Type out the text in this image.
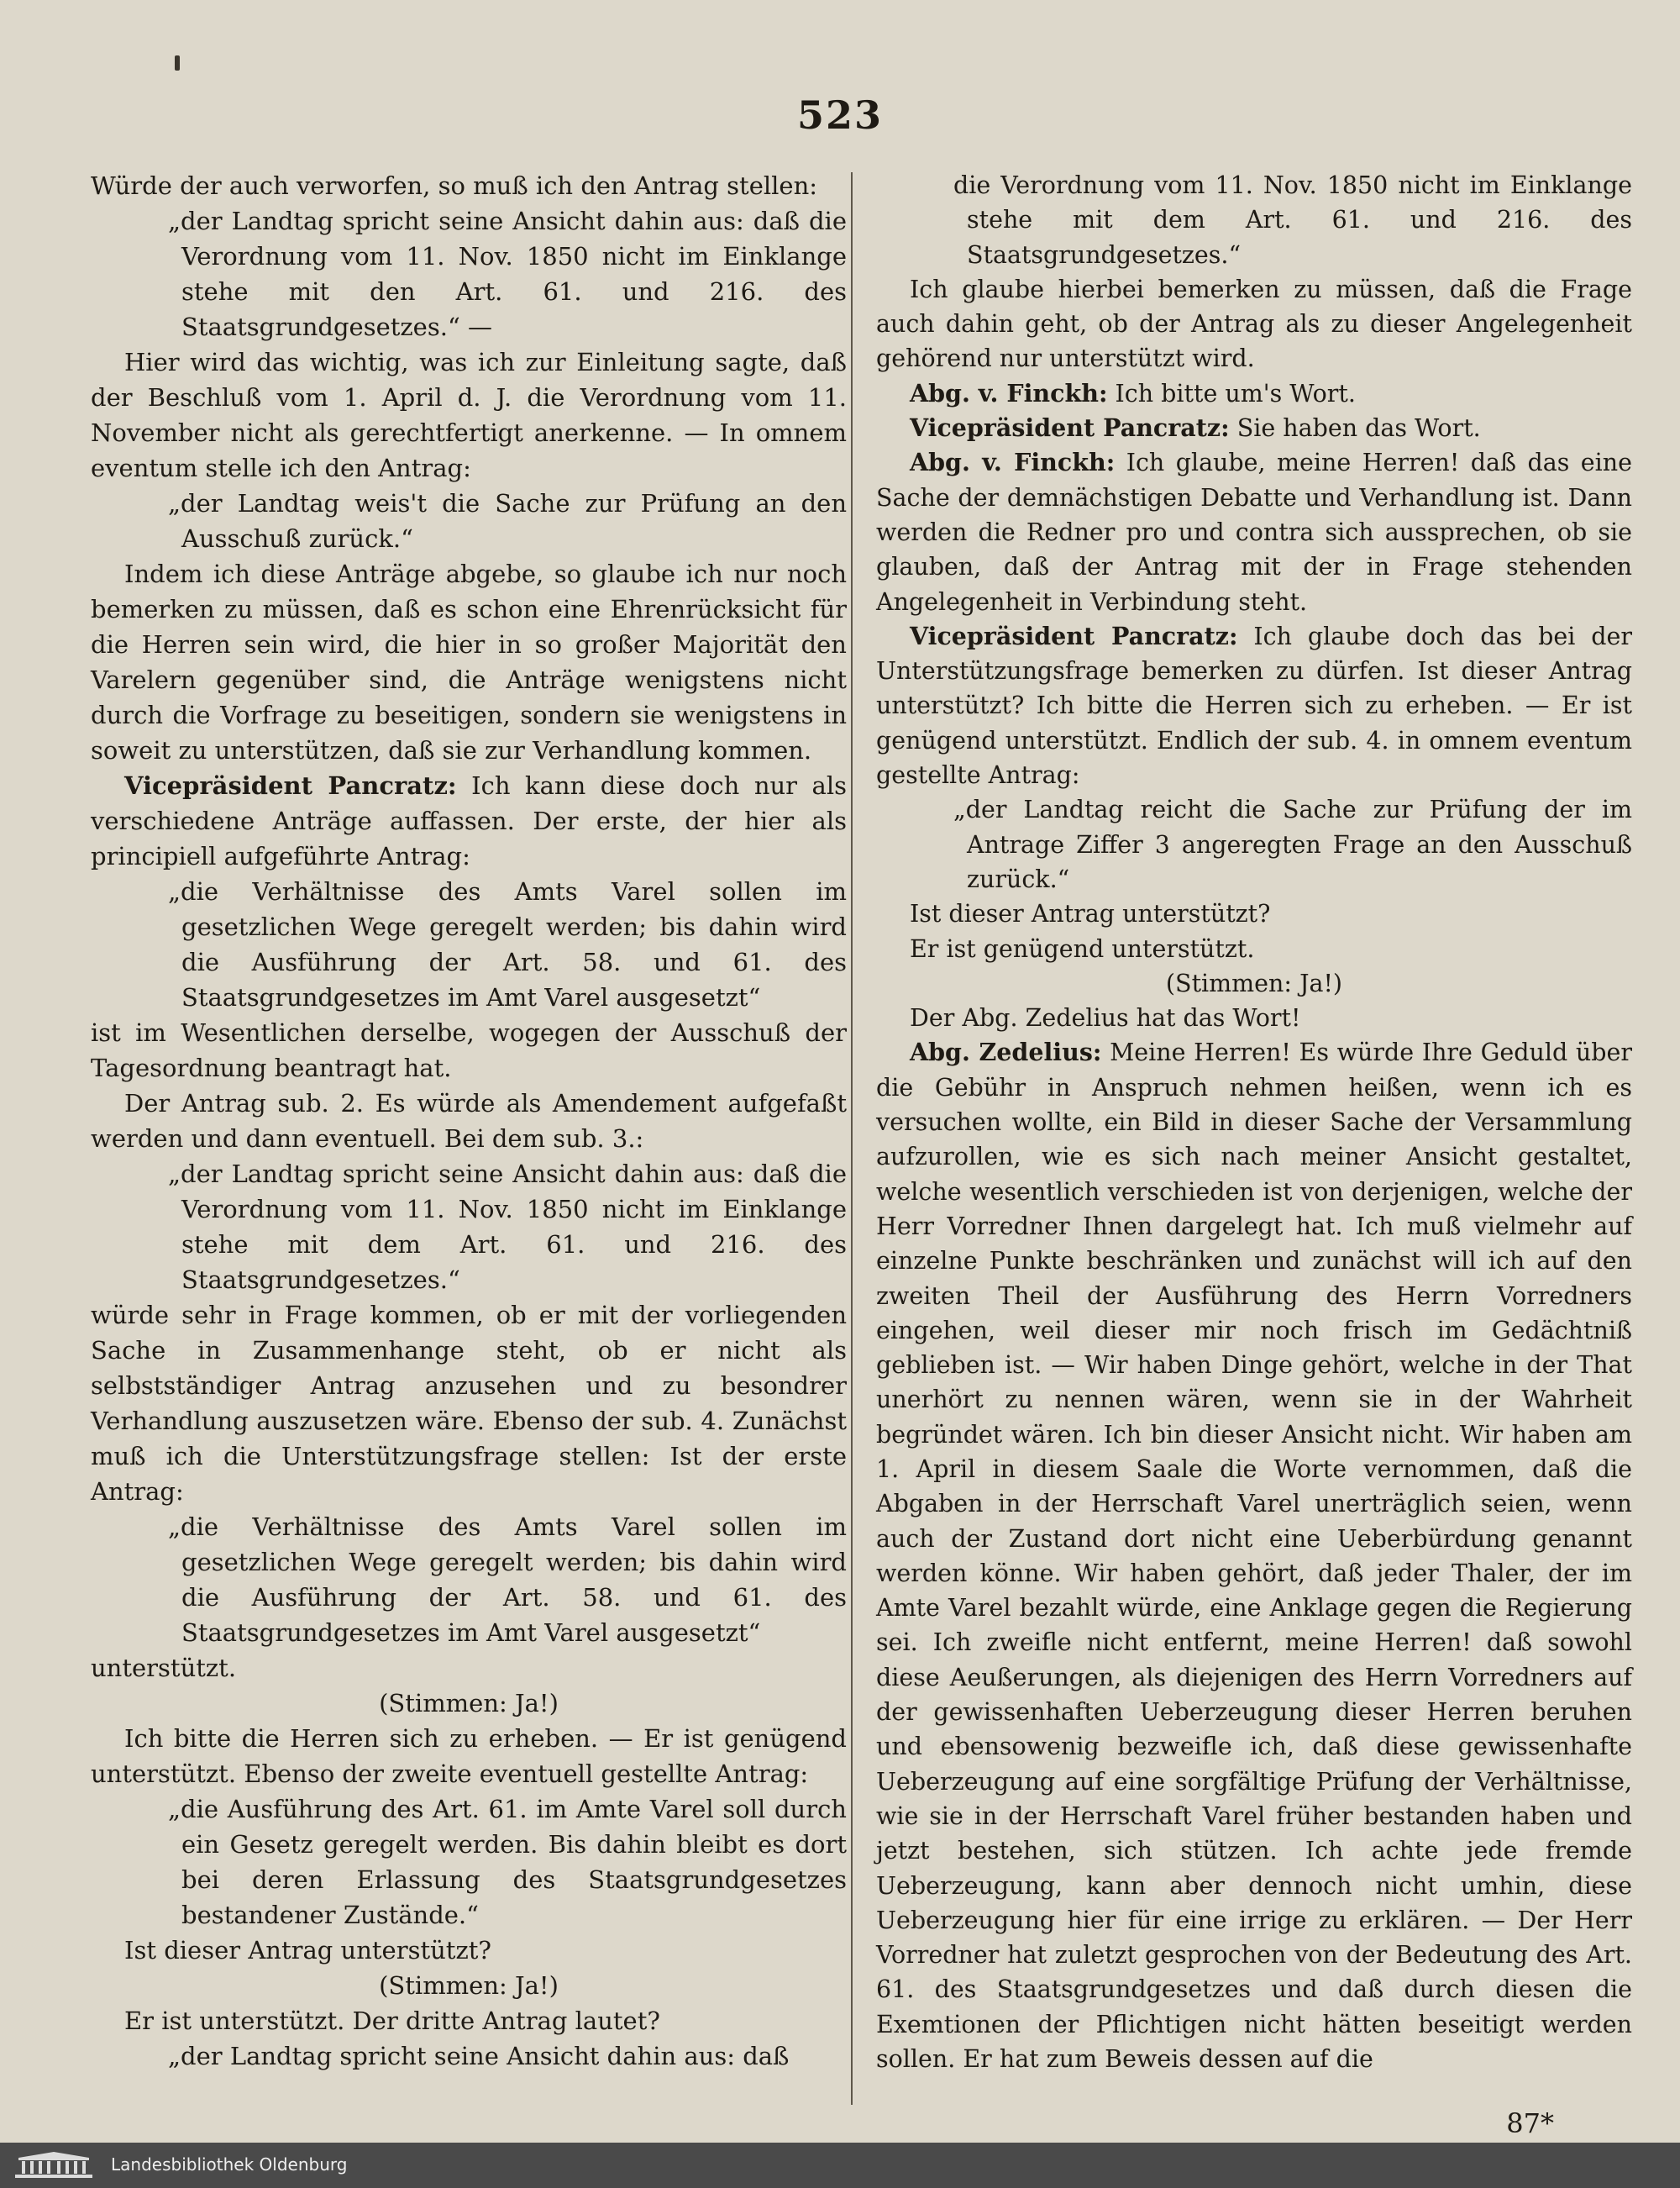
523

Würde der auch verworfen, so muß ich den Antrag stellen:

„der Landtag spricht seine Ansicht dahin aus: daß die Verordnung vom 11. Nov. 1850 nicht im Einklange stehe mit den Art. 61. und 216. des Staatsgrundgesetzes.“ —

Hier wird das wichtig, was ich zur Einleitung sagte, daß der Beschluß vom 1. April d. J. die Verordnung vom 11. November nicht als gerechtfertigt anerkenne. — In omnem eventum stelle ich den Antrag:

„der Landtag weis't die Sache zur Prüfung an den Ausschuß zurück.“

Indem ich diese Anträge abgebe, so glaube ich nur noch bemerken zu müssen, daß es schon eine Ehrenrücksicht für die Herren sein wird, die hier in so großer Majorität den Varelern gegenüber sind, die Anträge wenigstens nicht durch die Vorfrage zu beseitigen, sondern sie wenigstens in soweit zu unterstützen, daß sie zur Verhandlung kommen.

Vicepräsident Pancratz: Ich kann diese doch nur als verschiedene Anträge auffassen. Der erste, der hier als principiell aufgeführte Antrag:

„die Verhältnisse des Amts Varel sollen im gesetzlichen Wege geregelt werden; bis dahin wird die Ausführung der Art. 58. und 61. des Staatsgrundgesetzes im Amt Varel ausgesetzt“

ist im Wesentlichen derselbe, wogegen der Ausschuß der Tagesordnung beantragt hat.

Der Antrag sub. 2. Es würde als Amendement aufgefaßt werden und dann eventuell. Bei dem sub. 3.:

„der Landtag spricht seine Ansicht dahin aus: daß die Verordnung vom 11. Nov. 1850 nicht im Einklange stehe mit dem Art. 61. und 216. des Staatsgrundgesetzes.“

würde sehr in Frage kommen, ob er mit der vorliegenden Sache in Zusammenhange steht, ob er nicht als selbstständiger Antrag anzusehen und zu besondrer Verhandlung auszusetzen wäre. Ebenso der sub. 4. Zunächst muß ich die Unterstützungsfrage stellen: Ist der erste Antrag:

„die Verhältnisse des Amts Varel sollen im gesetzlichen Wege geregelt werden; bis dahin wird die Ausführung der Art. 58. und 61. des Staatsgrundgesetzes im Amt Varel ausgesetzt“

unterstützt.

(Stimmen: Ja!)

Ich bitte die Herren sich zu erheben. — Er ist genügend unterstützt. Ebenso der zweite eventuell gestellte Antrag:

„die Ausführung des Art. 61. im Amte Varel soll durch ein Gesetz geregelt werden. Bis dahin bleibt es dort bei deren Erlassung des Staatsgrundgesetzes bestandener Zustände.“

Ist dieser Antrag unterstützt?

(Stimmen: Ja!)

Er ist unterstützt. Der dritte Antrag lautet?

„der Landtag spricht seine Ansicht dahin aus: daß

die Verordnung vom 11. Nov. 1850 nicht im Einklange stehe mit dem Art. 61. und 216. des Staatsgrundgesetzes.“

Ich glaube hierbei bemerken zu müssen, daß die Frage auch dahin geht, ob der Antrag als zu dieser Angelegenheit gehörend nur unterstützt wird.

Abg. v. Finckh: Ich bitte um's Wort.

Vicepräsident Pancratz: Sie haben das Wort.

Abg. v. Finckh: Ich glaube, meine Herren! daß das eine Sache der demnächstigen Debatte und Verhandlung ist. Dann werden die Redner pro und contra sich aussprechen, ob sie glauben, daß der Antrag mit der in Frage stehenden Angelegenheit in Verbindung steht.

Vicepräsident Pancratz: Ich glaube doch das bei der Unterstützungsfrage bemerken zu dürfen. Ist dieser Antrag unterstützt? Ich bitte die Herren sich zu erheben. — Er ist genügend unterstützt. Endlich der sub. 4. in omnem eventum gestellte Antrag:

„der Landtag reicht die Sache zur Prüfung der im Antrage Ziffer 3 angeregten Frage an den Ausschuß zurück.“

Ist dieser Antrag unterstützt?

Er ist genügend unterstützt.

(Stimmen: Ja!)

Der Abg. Zedelius hat das Wort!

Abg. Zedelius: Meine Herren! Es würde Ihre Geduld über die Gebühr in Anspruch nehmen heißen, wenn ich es versuchen wollte, ein Bild in dieser Sache der Versammlung aufzurollen, wie es sich nach meiner Ansicht gestaltet, welche wesentlich verschieden ist von derjenigen, welche der Herr Vorredner Ihnen dargelegt hat. Ich muß vielmehr auf einzelne Punkte beschränken und zunächst will ich auf den zweiten Theil der Ausführung des Herrn Vorredners eingehen, weil dieser mir noch frisch im Gedächtniß geblieben ist. — Wir haben Dinge gehört, welche in der That unerhört zu nennen wären, wenn sie in der Wahrheit begründet wären. Ich bin dieser Ansicht nicht. Wir haben am 1. April in diesem Saale die Worte vernommen, daß die Abgaben in der Herrschaft Varel unerträglich seien, wenn auch der Zustand dort nicht eine Ueberbürdung genannt werden könne. Wir haben gehört, daß jeder Thaler, der im Amte Varel bezahlt würde, eine Anklage gegen die Regierung sei. Ich zweifle nicht entfernt, meine Herren! daß sowohl diese Aeußerungen, als diejenigen des Herrn Vorredners auf der gewissenhaften Ueberzeugung dieser Herren beruhen und ebensowenig bezweifle ich, daß diese gewissenhafte Ueberzeugung auf eine sorgfältige Prüfung der Verhältnisse, wie sie in der Herrschaft Varel früher bestanden haben und jetzt bestehen, sich stützen. Ich achte jede fremde Ueberzeugung, kann aber dennoch nicht umhin, diese Ueberzeugung hier für eine irrige zu erklären. — Der Herr Vorredner hat zuletzt gesprochen von der Bedeutung des Art. 61. des Staatsgrundgesetzes und daß durch diesen die Exemtionen der Pflichtigen nicht hätten beseitigt werden sollen. Er hat zum Beweis dessen auf die

87*
Landesbibliothek Oldenburg
